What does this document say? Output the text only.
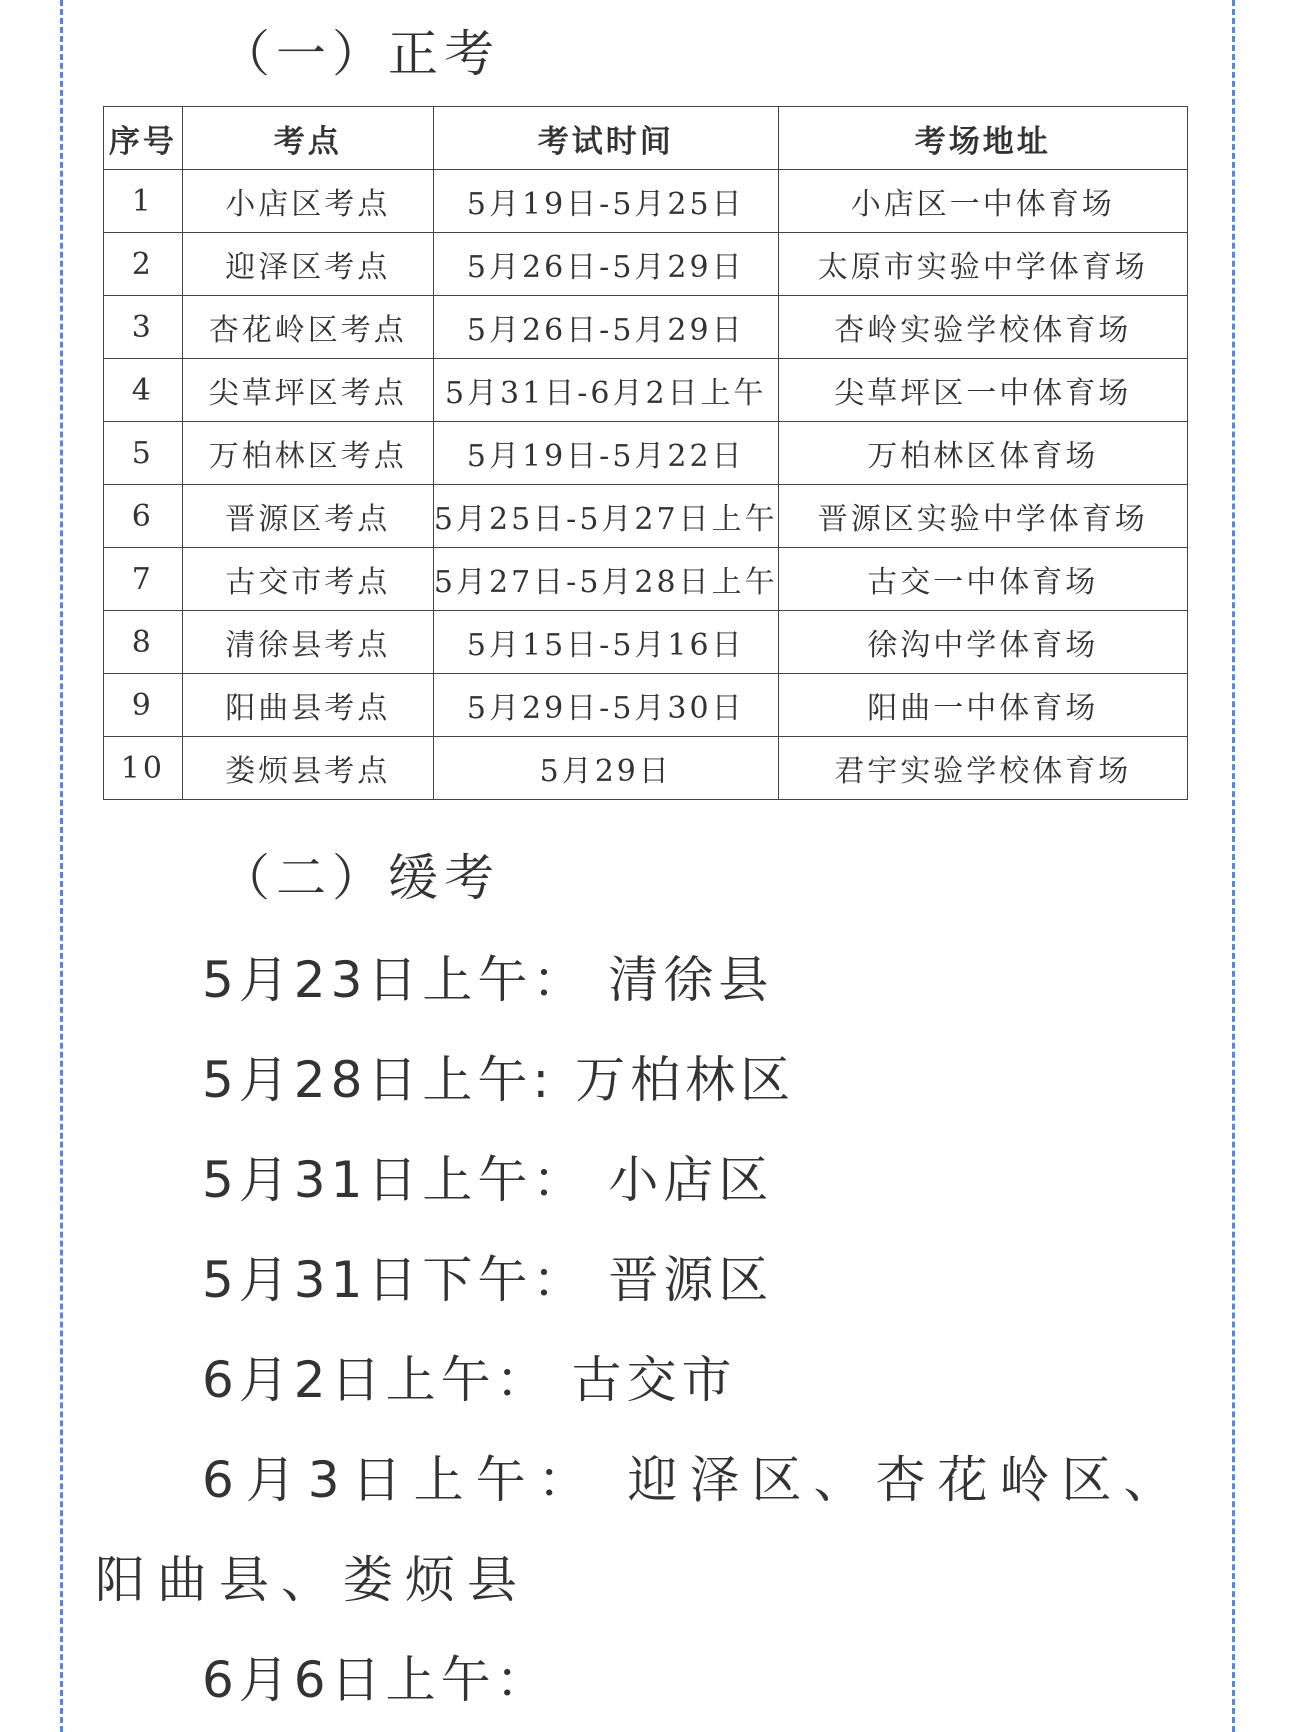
（一）正考
序号	考点	考试时间	考场地址
1	小店区考点	5月19日-5月25日	小店区一中体育场
2	迎泽区考点	5月26日-5月29日	太原市实验中学体育场
3	杏花岭区考点	5月26日-5月29日	杏岭实验学校体育场
4	尖草坪区考点	5月31日-6月2日上午	尖草坪区一中体育场
5	万柏林区考点	5月19日-5月22日	万柏林区体育场
6	晋源区考点	5月25日-5月27日上午	晋源区实验中学体育场
7	古交市考点	5月27日-5月28日上午	古交一中体育场
8	清徐县考点	5月15日-5月16日	徐沟中学体育场
9	阳曲县考点	5月29日-5月30日	阳曲一中体育场
10	娄烦县考点	5月29日	君宇实验学校体育场
（二）缓考
5月23日上午： 清徐县
5月28日上午: 万柏林区
5月31日上午： 小店区
5月31日下午： 晋源区
6月2日上午： 古交市
6月3日上午： 迎泽区、杏花岭区、阳曲县、娄烦县
6月6日上午：
